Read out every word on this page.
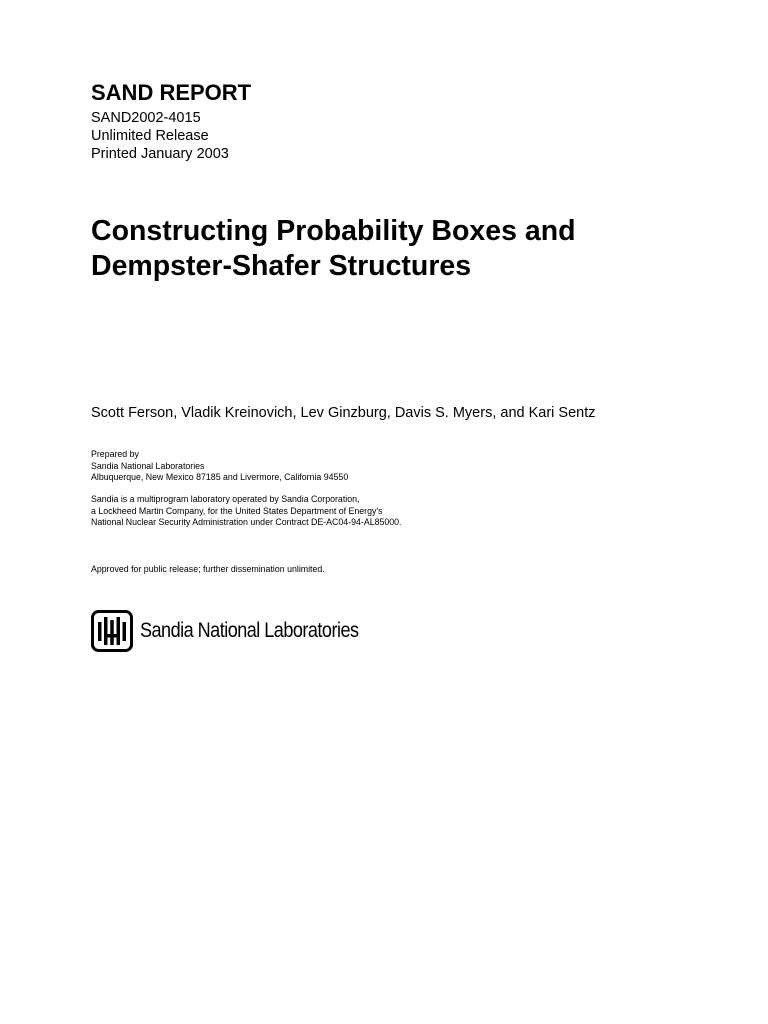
SAND REPORT
SAND2002-4015
Unlimited Release
Printed January 2003
Constructing Probability Boxes and
Dempster-Shafer Structures
Scott Ferson, Vladik Kreinovich, Lev Ginzburg, Davis S. Myers, and Kari Sentz
Prepared by
Sandia National Laboratories
Albuquerque, New Mexico 87185 and Livermore, California 94550
Sandia is a multiprogram laboratory operated by Sandia Corporation,
a Lockheed Martin Company, for the United States Department of Energy's
National Nuclear Security Administration under Contract DE-AC04-94-AL85000.
Approved for public release; further dissemination unlimited.
Sandia National Laboratories
